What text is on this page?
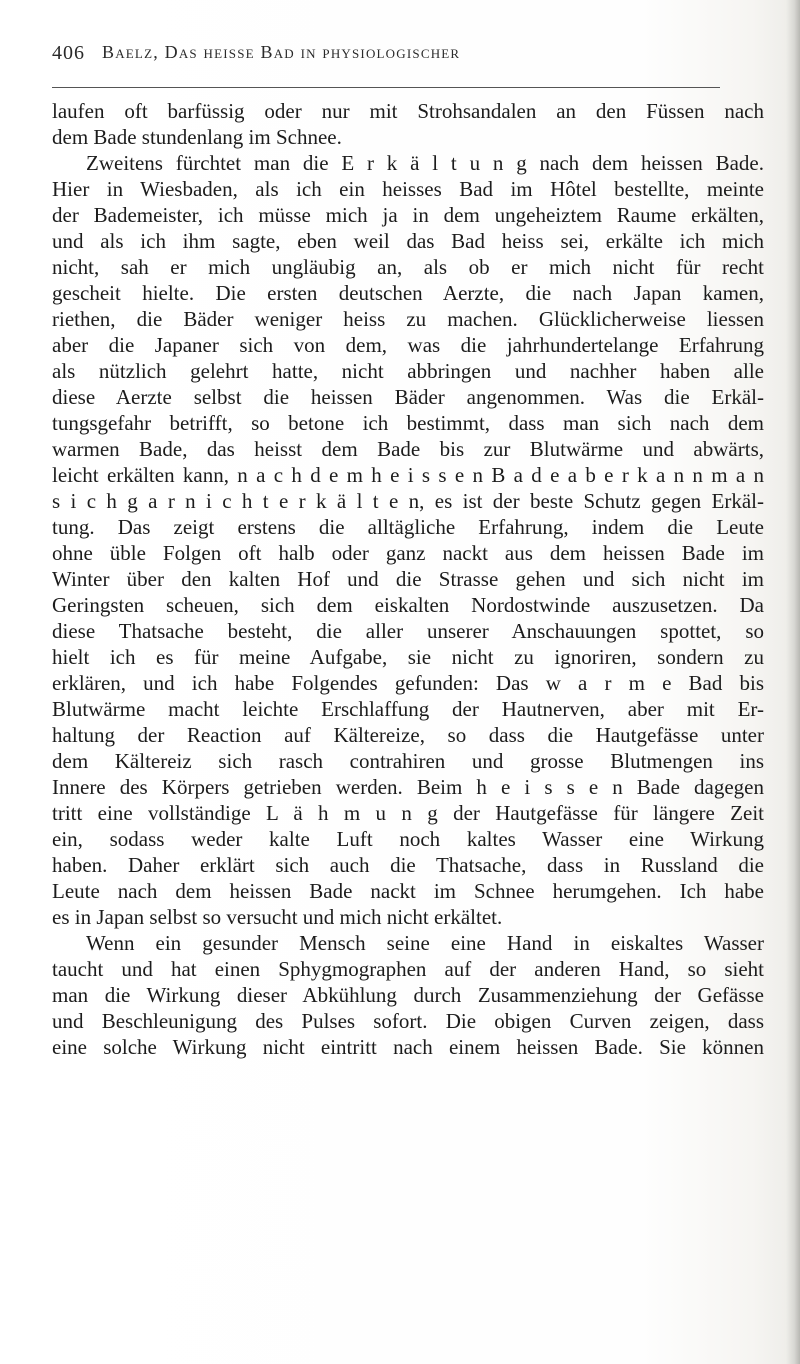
406 Baelz, Das heisse Bad in physiologischer
laufen oft barfüssig oder nur mit Strohsandalen an den Füssen nach
dem Bade stundenlang im Schnee.
Zweitens fürchtet man die E r k ä l t u n g nach dem heissen Bade.
Hier in Wiesbaden, als ich ein heisses Bad im Hôtel bestellte, meinte
der Bademeister, ich müsse mich ja in dem ungeheiztem Raume erkälten,
und als ich ihm sagte, eben weil das Bad heiss sei, erkälte ich mich
nicht, sah er mich ungläubig an, als ob er mich nicht für recht
gescheit hielte. Die ersten deutschen Aerzte, die nach Japan kamen,
riethen, die Bäder weniger heiss zu machen. Glücklicherweise liessen
aber die Japaner sich von dem, was die jahrhundertelange Erfahrung
als nützlich gelehrt hatte, nicht abbringen und nachher haben alle
diese Aerzte selbst die heissen Bäder angenommen. Was die Erkäl-
tungsgefahr betrifft, so betone ich bestimmt, dass man sich nach dem
warmen Bade, das heisst dem Bade bis zur Blutwärme und abwärts,
leicht erkälten kann, n a c h d e m h e i s s e n B a d e a b e r k a n n m a n
s i c h g a r n i c h t e r k ä l t e n, es ist der beste Schutz gegen Erkäl-
tung. Das zeigt erstens die alltägliche Erfahrung, indem die Leute
ohne üble Folgen oft halb oder ganz nackt aus dem heissen Bade im
Winter über den kalten Hof und die Strasse gehen und sich nicht im
Geringsten scheuen, sich dem eiskalten Nordostwinde auszusetzen. Da
diese Thatsache besteht, die aller unserer Anschauungen spottet, so
hielt ich es für meine Aufgabe, sie nicht zu ignoriren, sondern zu
erklären, und ich habe Folgendes gefunden: Das w a r m e Bad bis
Blutwärme macht leichte Erschlaffung der Hautnerven, aber mit Er-
haltung der Reaction auf Kältereize, so dass die Hautgefässe unter
dem Kältereiz sich rasch contrahiren und grosse Blutmengen ins
Innere des Körpers getrieben werden. Beim h e i s s e n Bade dagegen
tritt eine vollständige L ä h m u n g der Hautgefässe für längere Zeit
ein, sodass weder kalte Luft noch kaltes Wasser eine Wirkung
haben. Daher erklärt sich auch die Thatsache, dass in Russland die
Leute nach dem heissen Bade nackt im Schnee herumgehen. Ich habe
es in Japan selbst so versucht und mich nicht erkältet.
Wenn ein gesunder Mensch seine eine Hand in eiskaltes Wasser
taucht und hat einen Sphygmographen auf der anderen Hand, so sieht
man die Wirkung dieser Abkühlung durch Zusammenziehung der Gefässe
und Beschleunigung des Pulses sofort. Die obigen Curven zeigen, dass
eine solche Wirkung nicht eintritt nach einem heissen Bade. Sie können
